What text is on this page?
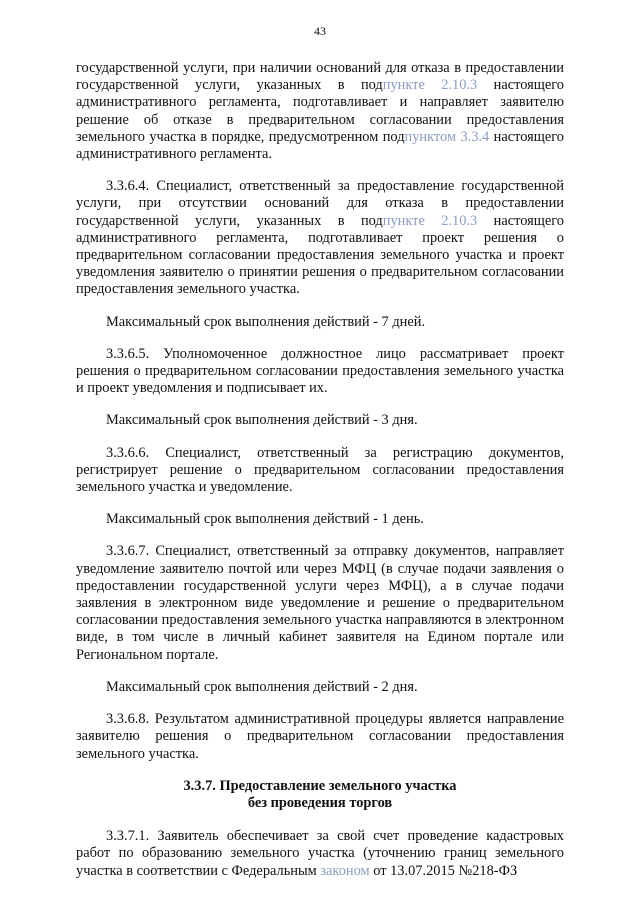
43

государственной услуги, при наличии оснований для отказа в предоставлении государственной услуги, указанных в подпункте 2.10.3 настоящего административного регламента, подготавливает и направляет заявителю решение об отказе в предварительном согласовании предоставления земельного участка в порядке, предусмотренном подпунктом 3.3.4 настоящего административного регламента.

3.3.6.4. Специалист, ответственный за предоставление государственной услуги, при отсутствии оснований для отказа в предоставлении государственной услуги, указанных в подпункте 2.10.3 настоящего административного регламента, подготавливает проект решения о предварительном согласовании предоставления земельного участка и проект уведомления заявителю о принятии решения о предварительном согласовании предоставления земельного участка.

Максимальный срок выполнения действий - 7 дней.

3.3.6.5. Уполномоченное должностное лицо рассматривает проект решения о предварительном согласовании предоставления земельного участка и проект уведомления и подписывает их.

Максимальный срок выполнения действий - 3 дня.

3.3.6.6. Специалист, ответственный за регистрацию документов, регистрирует решение о предварительном согласовании предоставления земельного участка и уведомление.

Максимальный срок выполнения действий - 1 день.

3.3.6.7. Специалист, ответственный за отправку документов, направляет уведомление заявителю почтой или через МФЦ (в случае подачи заявления о предоставлении государственной услуги через МФЦ), а в случае подачи заявления в электронном виде уведомление и решение о предварительном согласовании предоставления земельного участка направляются в электронном виде, в том числе в личный кабинет заявителя на Едином портале или Региональном портале.

Максимальный срок выполнения действий - 2 дня.

3.3.6.8. Результатом административной процедуры является направление заявителю решения о предварительном согласовании предоставления земельного участка.

3.3.7. Предоставление земельного участка
без проведения торгов

3.3.7.1. Заявитель обеспечивает за свой счет проведение кадастровых работ по образованию земельного участка (уточнению границ земельного участка в соответствии с Федеральным законом от 13.07.2015 №218-ФЗ
